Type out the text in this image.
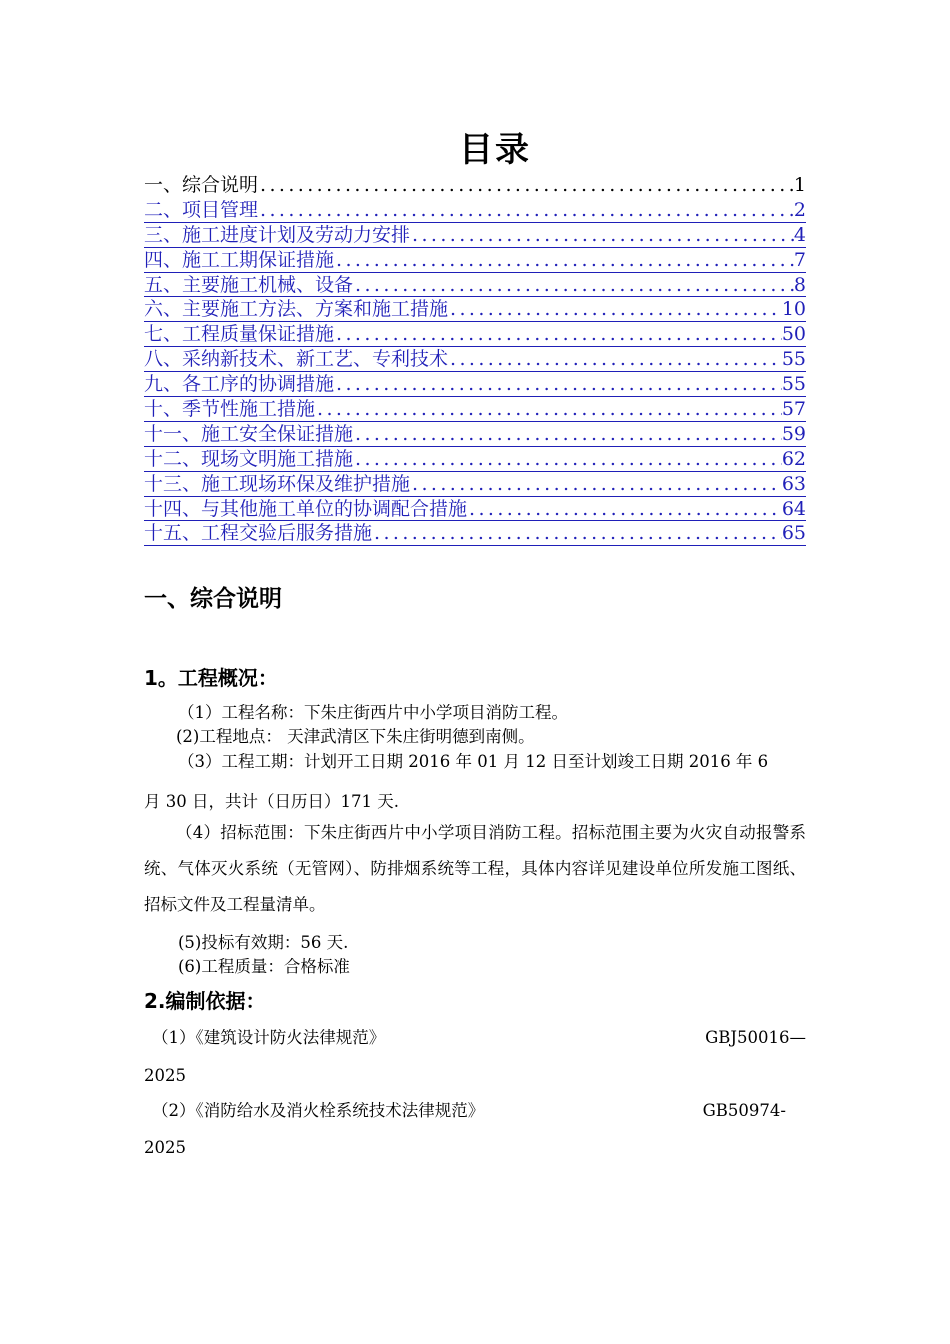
目录
一、综合说明 .....	1
二、项目管理 .....	2
三、施工进度计划及劳动力安排 .....	4
四、施工工期保证措施 .....	7
五、主要施工机械、设备 .....	8
六、主要施工方法、方案和施工措施 .....	10
七、工程质量保证措施 .....	50
八、采纳新技术、新工艺、专利技术 .....	55
九、各工序的协调措施 .....	55
十、季节性施工措施 .....	57
十一、施工安全保证措施 .....	59
十二、现场文明施工措施 .....	62
十三、施工现场环保及维护措施 .....	63
十四、与其他施工单位的协调配合措施 .....	64
十五、工程交验后服务措施 .....	65
一、综合说明
1。工程概况：
（1）工程名称：下朱庄街西片中小学项目消防工程。
(2)工程地点： 天津武清区下朱庄街明德到南侧。
（3）工程工期：计划开工日期 2016 年 01 月 12 日至计划竣工日期 2016 年 6
月 30 日，共计（日历日）171 天.
（4）招标范围：下朱庄街西片中小学项目消防工程。招标范围主要为火灾自动报警系统、气体灭火系统（无管网）、防排烟系统等工程，具体内容详见建设单位所发施工图纸、招标文件及工程量清单。
(5)投标有效期：56 天.
(6)工程质量：合格标准
2.编制依据：
（1）《建筑设计防火法律规范》	GBJ50016—
2025
（2）《消防给水及消火栓系统技术法律规范》	GB50974-
2025
